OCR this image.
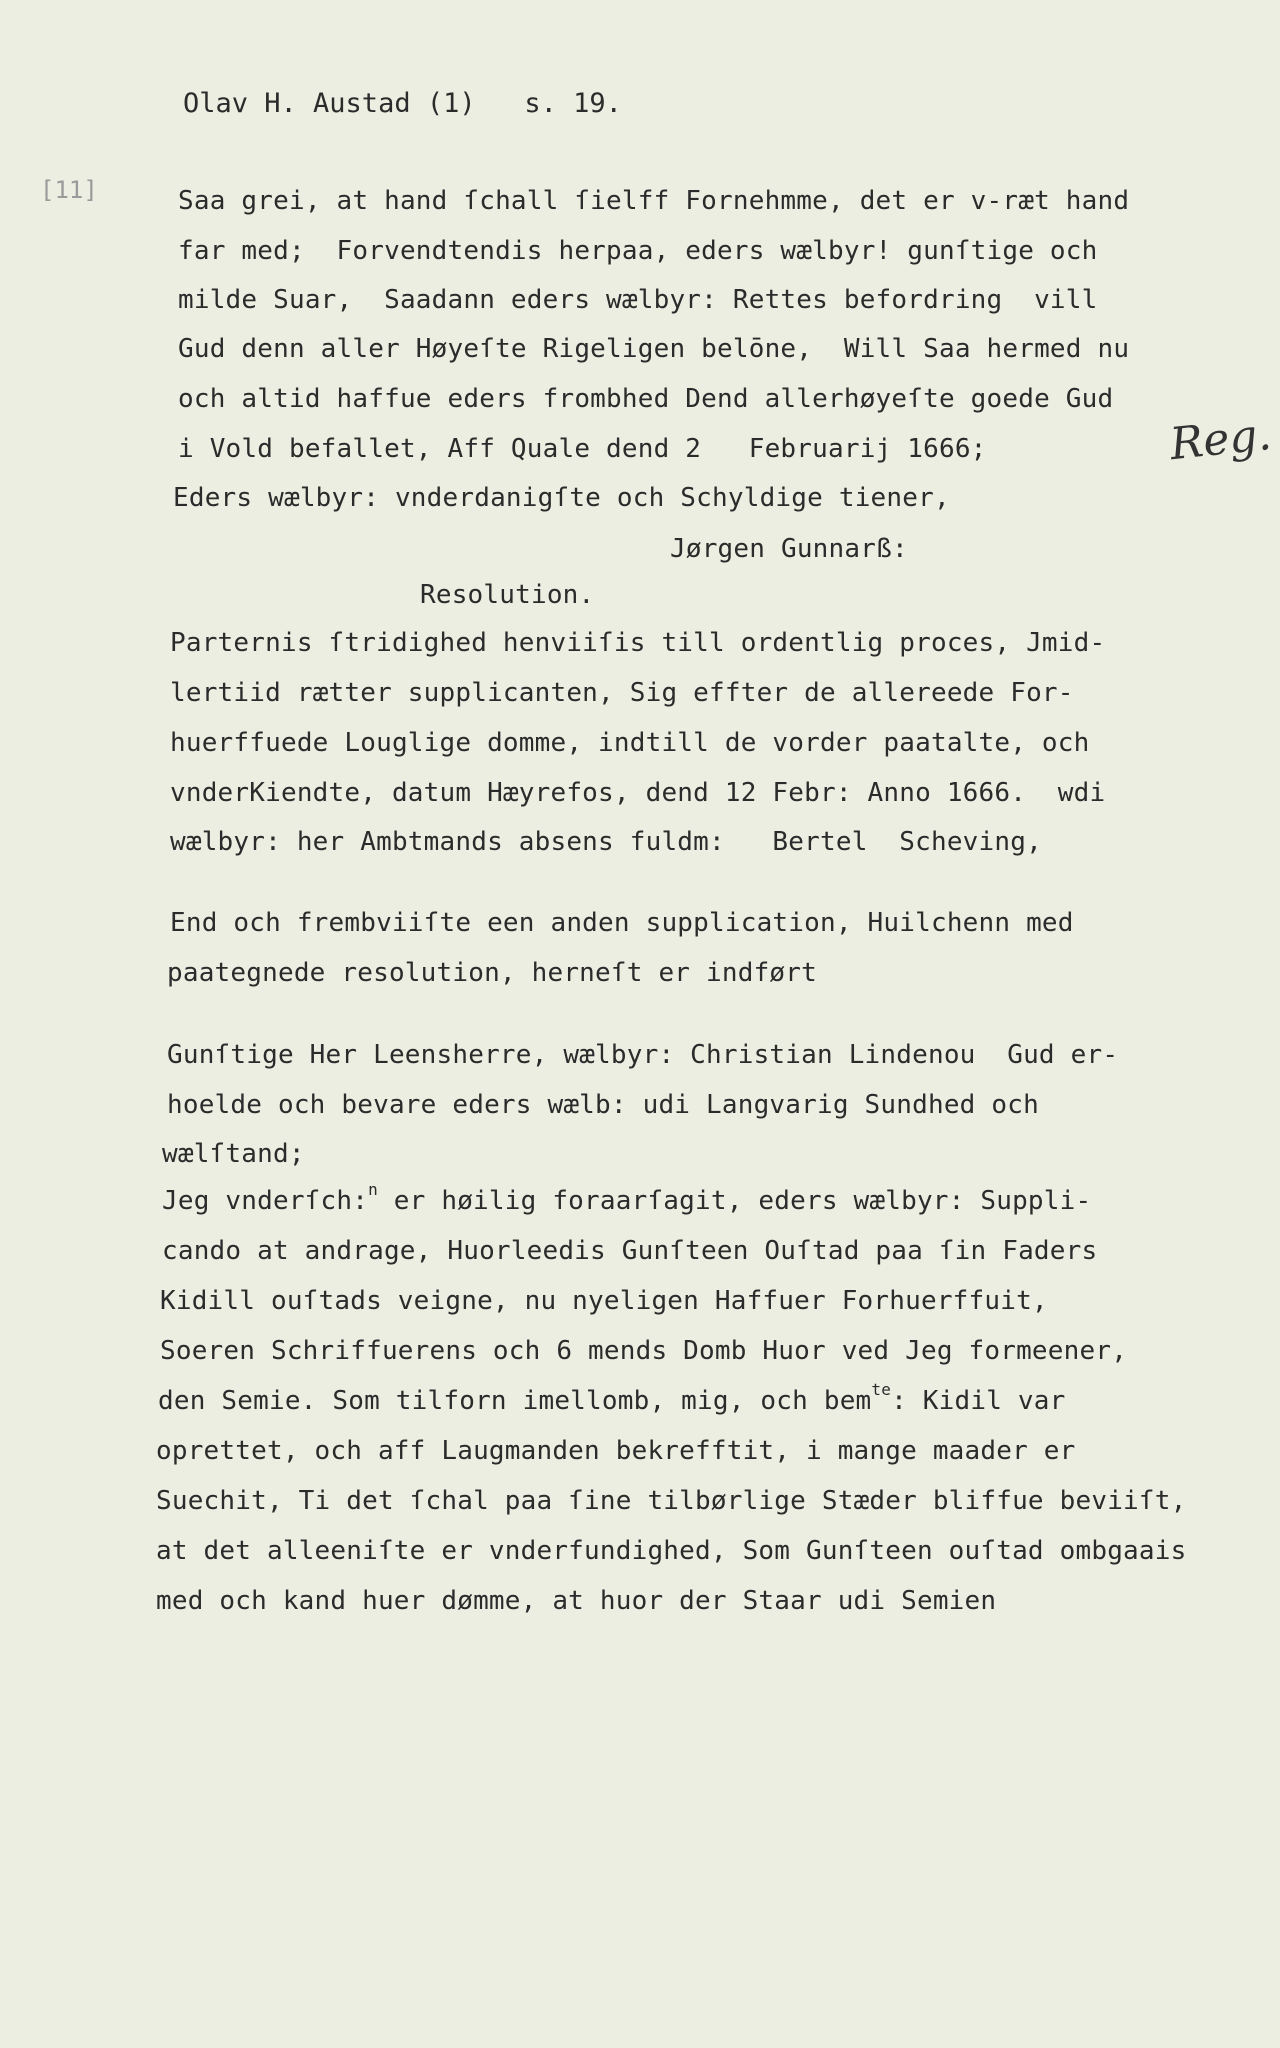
Olav H. Austad (1)   s. 19.
[11]
Reg.
Saa grei, at hand ſchall ſielff Fornehmme, det er v-ræt hand
far med;  Forvendtendis herpaa, eders wælbyr! gunſtige och
milde Suar,  Saadann eders wælbyr: Rettes befordring  vill
Gud denn aller Høyeſte Rigeligen belōne,  Will Saa hermed nu
och altid haffue eders frombhed Dend allerhøyeſte goede Gud
i Vold befallet, Aff Quale dend 2   Februarij 1666;
Eders wælbyr: vnderdanigſte och Schyldige tiener,
Jørgen Gunnarß:
Resolution.
Parternis ſtridighed henviiſis till ordentlig proces, Jmid-
lertiid rætter supplicanten, Sig effter de allereede For-
huerffuede Louglige domme, indtill de vorder paatalte, och
vnderKiendte, datum Hæyrefos, dend 12 Febr: Anno 1666.  wdi
wælbyr: her Ambtmands absens fuldm:   Bertel  Scheving,
End och frembviiſte een anden supplication, Huilchenn med
paategnede resolution, herneſt er indført
Gunſtige Her Leensherre, wælbyr: Christian Lindenou  Gud er-
hoelde och bevare eders wælb: udi Langvarig Sundhed och
wælſtand;
Jeg vnderſch:$^n$ er høilig foraarſagit, eders wælbyr: Suppli-
cando at andrage, Huorleedis Gunſteen Ouſtad paa ſin Faders
Kidill ouſtads veigne, nu nyeligen Haffuer Forhuerffuit,
Soeren Schriffuerens och 6 mends Domb Huor ved Jeg formeener,
den Semie. Som tilforn imellomb, mig, och bem$^{te}$: Kidil var
oprettet, och aff Laugmanden bekrefftit, i mange maader er
Suechit, Ti det ſchal paa ſine tilbørlige Stæder bliffue beviiſt,
at det alleeniſte er vnderfundighed, Som Gunſteen ouſtad ombgaais
med och kand huer dømme, at huor der Staar udi Semien
